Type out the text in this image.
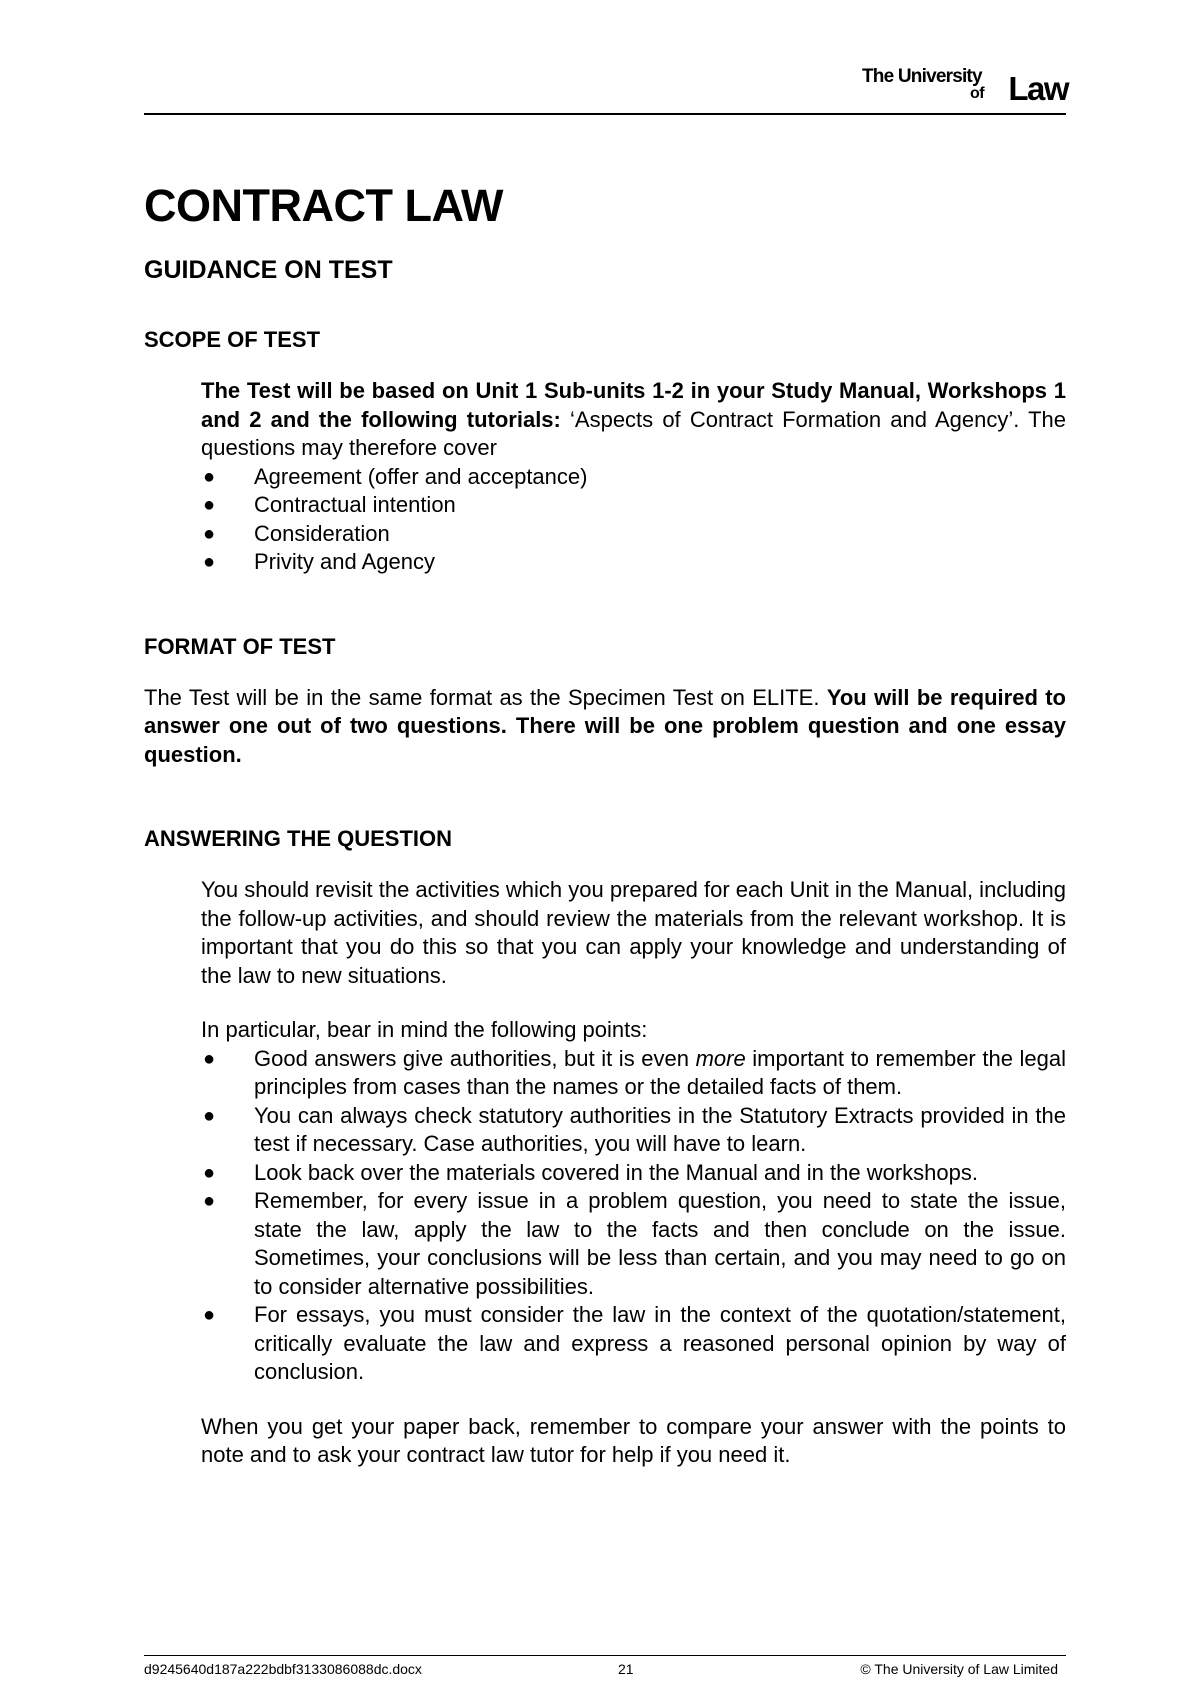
The University
of Law
CONTRACT LAW
GUIDANCE ON TEST
SCOPE OF TEST

The Test will be based on Unit 1 Sub-units 1-2 in your Study Manual, Workshops 1 and 2 and the following tutorials: ‘Aspects of Contract Formation and Agency’. The questions may therefore cover

● Agreement (offer and acceptance)
● Contractual intention
● Consideration
● Privity and Agency
FORMAT OF TEST

The Test will be in the same format as the Specimen Test on ELITE. You will be required to answer one out of two questions. There will be one problem question and one essay question.

ANSWERING THE QUESTION

You should revisit the activities which you prepared for each Unit in the Manual, including the follow-up activities, and should review the materials from the relevant workshop. It is important that you do this so that you can apply your knowledge and understanding of the law to new situations.

In particular, bear in mind the following points:

● Good answers give authorities, but it is even more important to remember the legal principles from cases than the names or the detailed facts of them.
● You can always check statutory authorities in the Statutory Extracts provided in the test if necessary. Case authorities, you will have to learn.
● Look back over the materials covered in the Manual and in the workshops.
● Remember, for every issue in a problem question, you need to state the issue, state the law, apply the law to the facts and then conclude on the issue. Sometimes, your conclusions will be less than certain, and you may need to go on to consider alternative possibilities.
● For essays, you must consider the law in the context of the quotation/statement, critically evaluate the law and express a reasoned personal opinion by way of conclusion.

When you get your paper back, remember to compare your answer with the points to note and to ask your contract law tutor for help if you need it.

d9245640d187a222bdbf3133086088dc.docx	21	© The University of Law Limited
